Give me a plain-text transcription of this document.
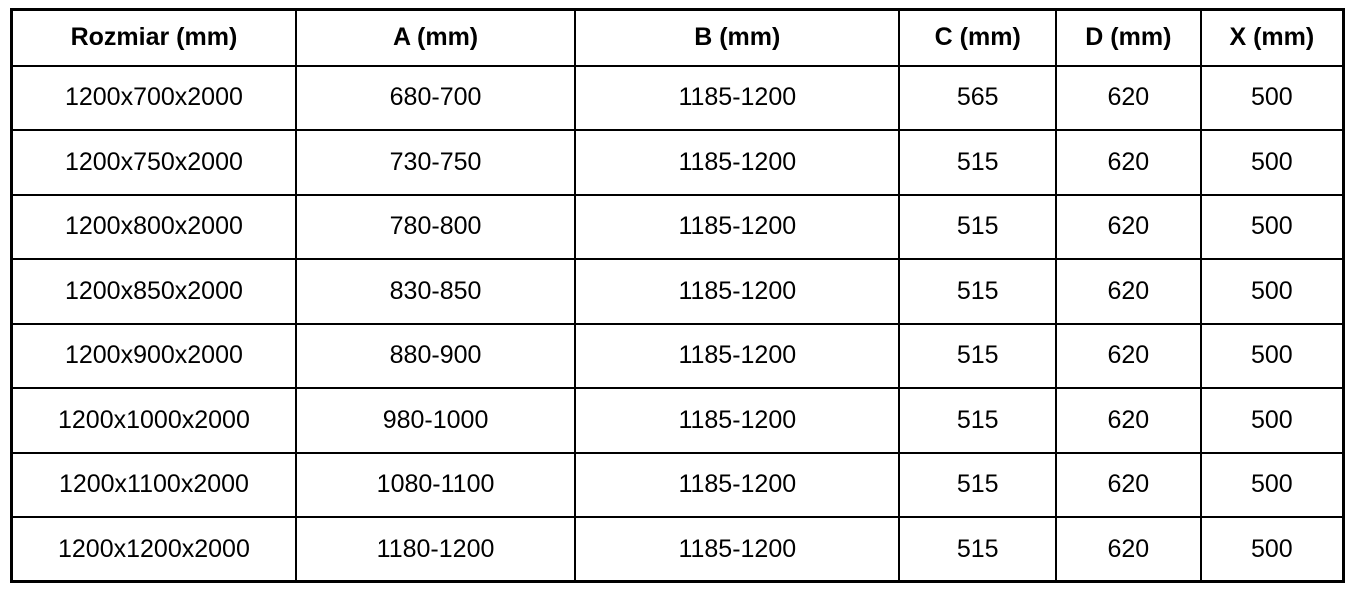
Rozmiar (mm)	A (mm)	B (mm)	C (mm)	D (mm)	X (mm)
1200x700x2000	680-700	1185-1200	565	620	500
1200x750x2000	730-750	1185-1200	515	620	500
1200x800x2000	780-800	1185-1200	515	620	500
1200x850x2000	830-850	1185-1200	515	620	500
1200x900x2000	880-900	1185-1200	515	620	500
1200x1000x2000	980-1000	1185-1200	515	620	500
1200x1100x2000	1080-1100	1185-1200	515	620	500
1200x1200x2000	1180-1200	1185-1200	515	620	500
